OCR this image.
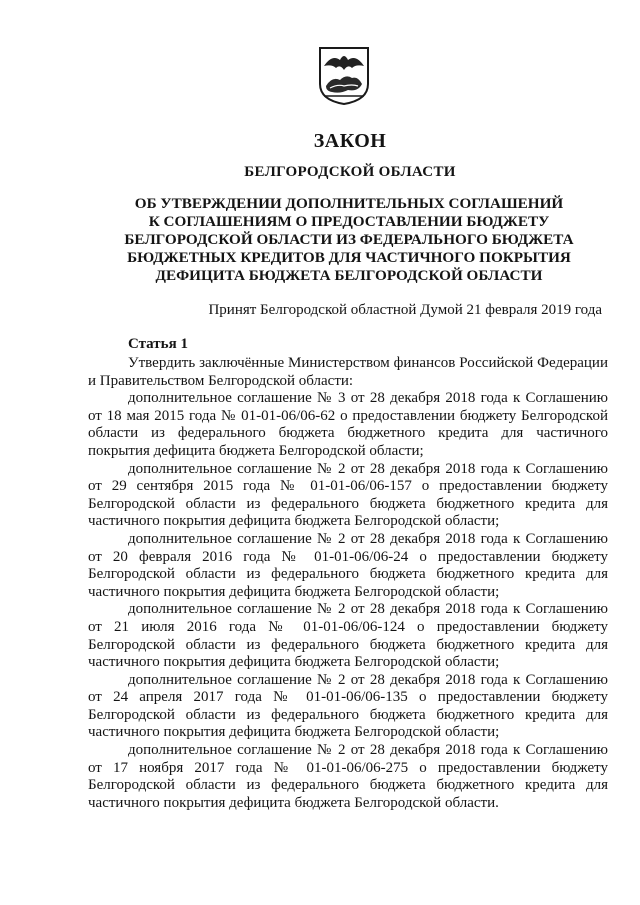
ЗАКОН
БЕЛГОРОДСКОЙ ОБЛАСТИ
ОБ УТВЕРЖДЕНИИ ДОПОЛНИТЕЛЬНЫХ СОГЛАШЕНИЙ
К СОГЛАШЕНИЯМ О ПРЕДОСТАВЛЕНИИ БЮДЖЕТУ
БЕЛГОРОДСКОЙ ОБЛАСТИ ИЗ ФЕДЕРАЛЬНОГО БЮДЖЕТА
БЮДЖЕТНЫХ КРЕДИТОВ ДЛЯ ЧАСТИЧНОГО ПОКРЫТИЯ
ДЕФИЦИТА БЮДЖЕТА БЕЛГОРОДСКОЙ ОБЛАСТИ
Принят Белгородской областной Думой 21 февраля 2019 года
Статья 1

Утвердить заключённые Министерством финансов Российской Федерации и Правительством Белгородской области:

дополнительное соглашение № 3 от 28 декабря 2018 года к Соглашению от 18 мая 2015 года № 01-01-06/06-62 о предоставлении бюджету Белгородской области из федерального бюджета бюджетного кредита для частичного покрытия дефицита бюджета Белгородской области;

дополнительное соглашение № 2 от 28 декабря 2018 года к Соглашению от 29 сентября 2015 года № 01-01-06/06-157 о предоставлении бюджету Белгородской области из федерального бюджета бюджетного кредита для частичного покрытия дефицита бюджета Белгородской области;

дополнительное соглашение № 2 от 28 декабря 2018 года к Соглашению от 20 февраля 2016 года № 01-01-06/06-24 о предоставлении бюджету Белгородской области из федерального бюджета бюджетного кредита для частичного покрытия дефицита бюджета Белгородской области;

дополнительное соглашение № 2 от 28 декабря 2018 года к Соглашению от 21 июля 2016 года № 01-01-06/06-124 о предоставлении бюджету Белгородской области из федерального бюджета бюджетного кредита для частичного покрытия дефицита бюджета Белгородской области;

дополнительное соглашение № 2 от 28 декабря 2018 года к Соглашению от 24 апреля 2017 года № 01-01-06/06-135 о предоставлении бюджету Белгородской области из федерального бюджета бюджетного кредита для частичного покрытия дефицита бюджета Белгородской области;

дополнительное соглашение № 2 от 28 декабря 2018 года к Соглашению от 17 ноября 2017 года № 01-01-06/06-275 о предоставлении бюджету Белгородской области из федерального бюджета бюджетного кредита для частичного покрытия дефицита бюджета Белгородской области.
